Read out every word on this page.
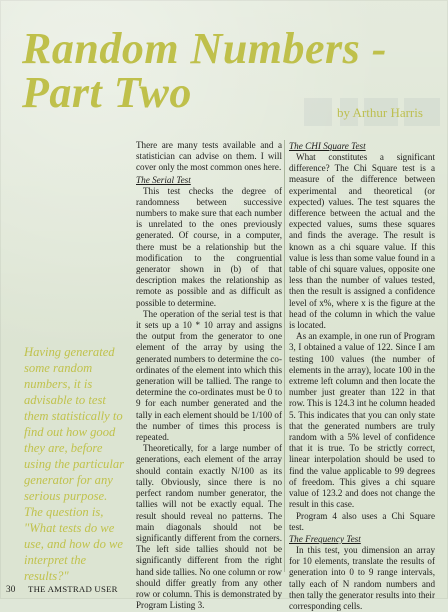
Random Numbers -
Part Two	by Arthur Harris
Having generated some random numbers, it is advisable to test them statistically to find out how good they are, before using the particular generator for any serious purpose. The question is, "What tests do we use, and how do we interpret the results?"

There are many tests available and a statistician can advise on them. I will cover only the most common ones here.

The Serial Test

This test checks the degree of randomness between successive numbers to make sure that each number is unrelated to the ones previously generated. Of course, in a computer, there must be a relationship but the modification to the congruential generator shown in (b) of that description makes the relationship as remote as possible and as difficult as possible to determine.

The operation of the serial test is that it sets up a 10 * 10 array and assigns the output from the generator to one element of the array by using the generated numbers to determine the co-ordinates of the element into which this generation will be tallied. The range to determine the co-ordinates must be 0 to 9 for each number generated and the tally in each element should be 1/100 of the number of times this process is repeated.

Theoretically, for a large number of generations, each element of the array should contain exactly N/100 as its tally. Obviously, since there is no perfect random number generator, the tallies will not be exactly equal. The result should reveal no patterns. The main diagonals should not be significantly different from the corners. The left side tallies should not be significantly different from the right hand side tallies. No one column or row should differ greatly from any other row or column. This is demonstrated by Program Listing 3.

The CHI Square Test

What constitutes a significant difference? The Chi Square test is a measure of the difference between experimental and theoretical (or expected) values. The test squares the difference between the actual and the expected values, sums these squares and finds the average. The result is known as a chi square value. If this value is less than some value found in a table of chi square values, opposite one less than the number of values tested, then the result is assigned a confidence level of x%, where x is the figure at the head of the column in which the value is located.

As an example, in one run of Program 3, I obtained a value of 122. Since I am testing 100 values (the number of elements in the array), locate 100 in the extreme left column and then locate the number just greater than 122 in that row. This is 124.3 int he column headed 5. This indicates that you can only state that the generated numbers are truly random with a 5% level of confidence that it is true. To be strictly correct, linear interpolation should be used to find the value applicable to 99 degrees of freedom. This gives a chi square value of 123.2 and does not change the result in this case.

Program 4 also uses a Chi Square test.

The Frequency Test

In this test, you dimension an array for 10 elements, translate the results of generation into 0 to 9 range intervals, tally each of N random numbers and then tally the generator results into their corresponding cells.

30 THE AMSTRAD USER
